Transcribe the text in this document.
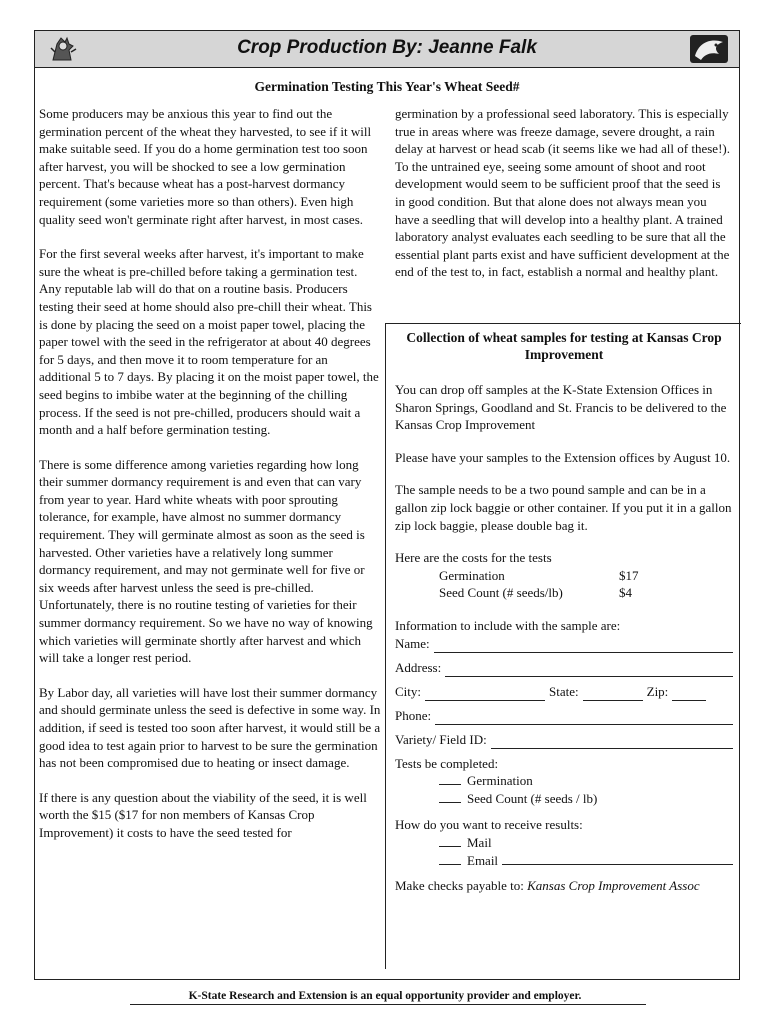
Crop Production By: Jeanne Falk
Germination Testing This Year's Wheat Seed#

Some producers may be anxious this year to find out the germination percent of the wheat they harvested, to see if it will make suitable seed. If you do a home germination test too soon after harvest, you will be shocked to see a low germination percent. That's because wheat has a post-harvest dormancy requirement (some varieties more so than others). Even high quality seed won't germinate right after harvest, in most cases.

For the first several weeks after harvest, it's important to make sure the wheat is pre-chilled before taking a germination test. Any reputable lab will do that on a routine basis. Producers testing their seed at home should also pre-chill their wheat. This is done by placing the seed on a moist paper towel, placing the paper towel with the seed in the refrigerator at about 40 degrees for 5 days, and then move it to room temperature for an additional 5 to 7 days. By placing it on the moist paper towel, the seed begins to imbibe water at the beginning of the chilling process. If the seed is not pre-chilled, producers should wait a month and a half before germination testing.

There is some difference among varieties regarding how long their summer dormancy requirement is and even that can vary from year to year. Hard white wheats with poor sprouting tolerance, for example, have almost no summer dormancy requirement. They will germinate almost as soon as the seed is harvested. Other varieties have a relatively long summer dormancy requirement, and may not germinate well for five or six weeds after harvest unless the seed is pre-chilled. Unfortunately, there is no routine testing of varieties for their summer dormancy requirement. So we have no way of knowing which varieties will germinate shortly after harvest and which will take a longer rest period.

By Labor day, all varieties will have lost their summer dormancy and should germinate unless the seed is defective in some way. In addition, if seed is tested too soon after harvest, it would still be a good idea to test again prior to harvest to be sure the germination has not been compromised due to heating or insect damage.

If there is any question about the viability of the seed, it is well worth the $15 ($17 for non members of Kansas Crop Improvement) it costs to have the seed tested for

germination by a professional seed laboratory. This is especially true in areas where was freeze damage, severe drought, a rain delay at harvest or head scab (it seems like we had all of these!). To the untrained eye, seeing some amount of shoot and root development would seem to be sufficient proof that the seed is in good condition. But that alone does not always mean you have a seedling that will develop into a healthy plant. A trained laboratory analyst evaluates each seedling to be sure that all the essential plant parts exist and have sufficient development at the end of the test to, in fact, establish a normal and healthy plant.

Collection of wheat samples for testing at Kansas Crop Improvement

You can drop off samples at the K-State Extension Offices in Sharon Springs, Goodland and St. Francis to be delivered to the Kansas Crop Improvement

Please have your samples to the Extension offices by August 10.

The sample needs to be a two pound sample and can be in a gallon zip lock baggie or other container. If you put it in a gallon zip lock baggie, please double bag it.

Here are the costs for the tests
Germination	$17
Seed Count (# seeds/lb)	$4
Information to include with the sample are:
Name:
Address:
City:	State:	Zip:
Phone:
Variety/ Field ID:
Tests be completed:
Germination
Seed Count (# seeds / lb)
How do you want to receive results:
Mail
Email
Make checks payable to: Kansas Crop Improvement Assoc
K-State Research and Extension is an equal opportunity provider and employer.
